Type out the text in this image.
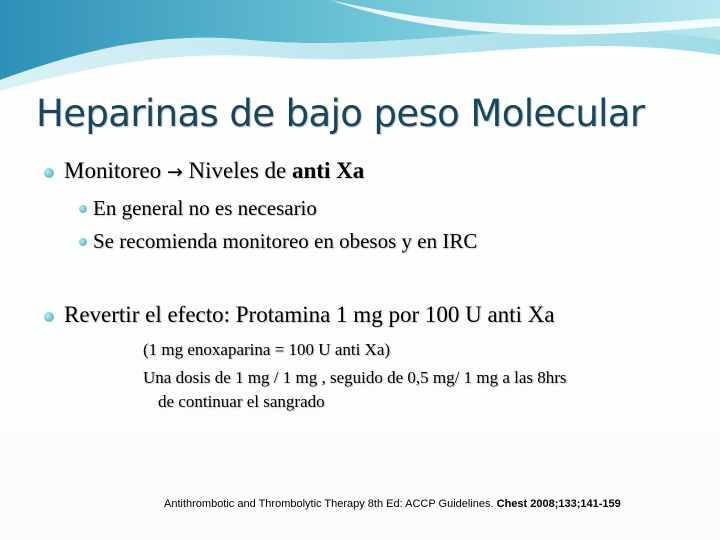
Heparinas de bajo peso Molecular
Monitoreo → Niveles de anti Xa
En general no es necesario
Se recomienda monitoreo en obesos y en IRC
Revertir el efecto: Protamina 1 mg por 100 U anti Xa
(1 mg enoxaparina = 100 U anti Xa)
Una dosis de 1 mg / 1 mg , seguido de 0,5 mg/ 1 mg a las 8hrs
de continuar el sangrado
Antithrombotic and Thrombolytic Therapy 8th Ed: ACCP Guidelines. Chest 2008;133;141-159
